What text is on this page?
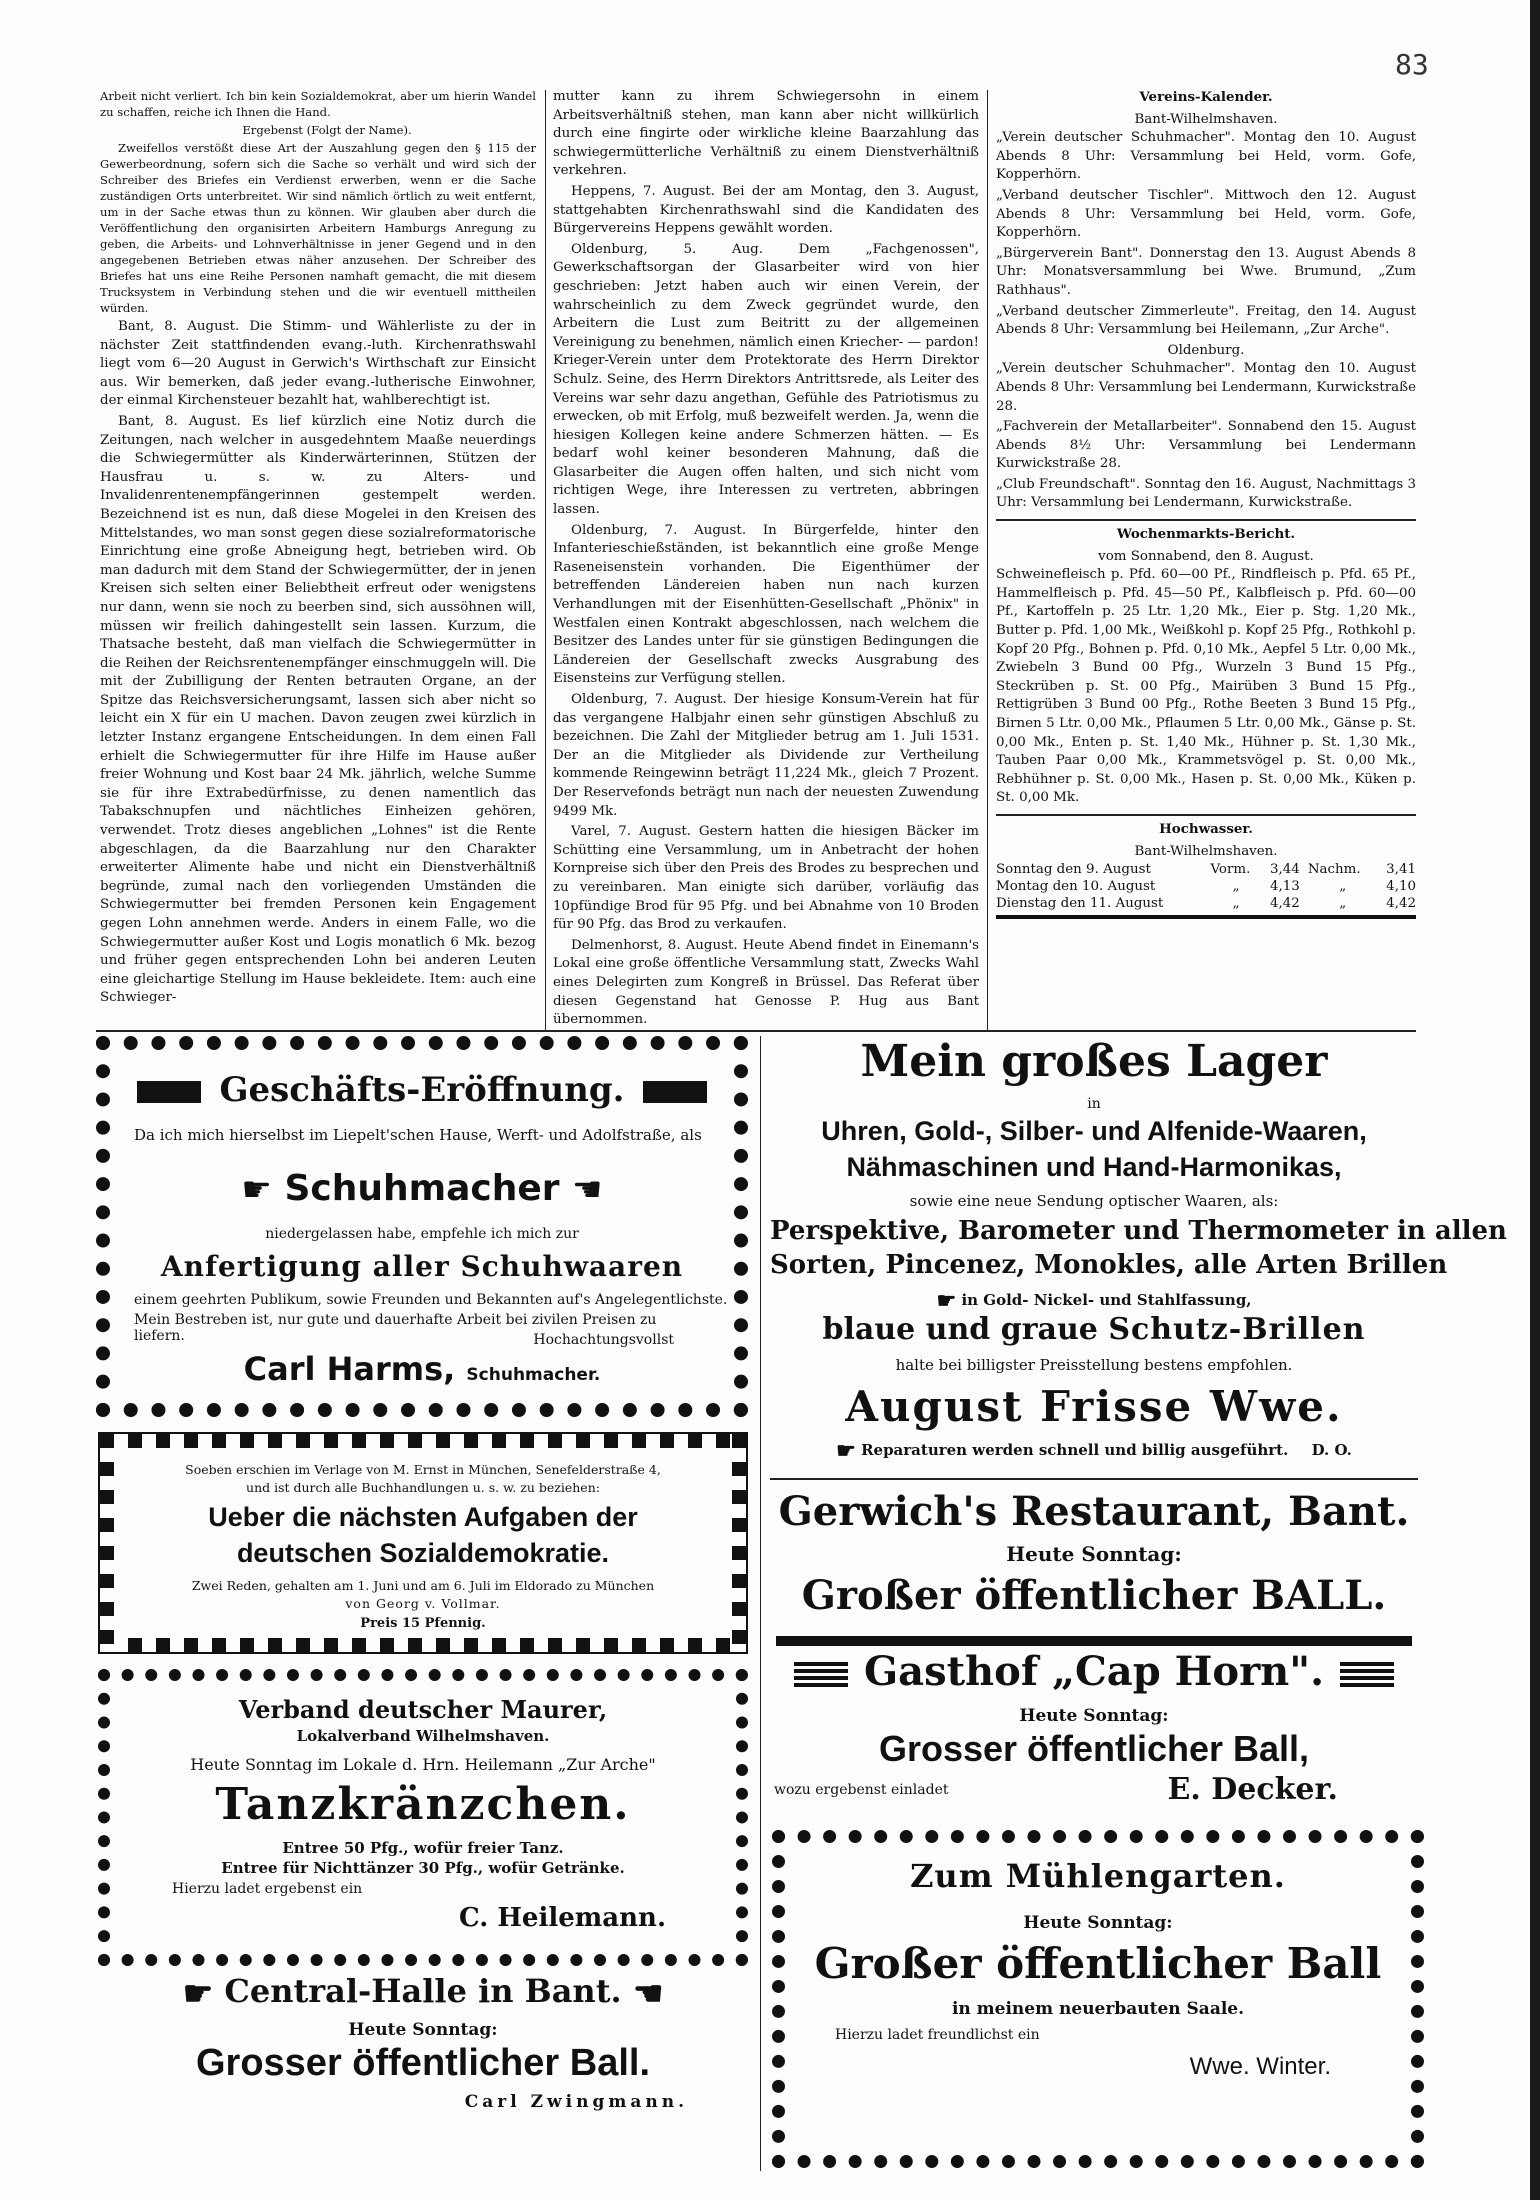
83

Arbeit nicht verliert. Ich bin kein Sozialdemokrat, aber um hierin Wandel zu schaffen, reiche ich Ihnen die Hand.

Ergebenst (Folgt der Name).

Zweifellos verstößt diese Art der Auszahlung gegen den § 115 der Gewerbeordnung, sofern sich die Sache so verhält und wird sich der Schreiber des Briefes ein Verdienst erwerben, wenn er die Sache zuständigen Orts unterbreitet. Wir sind nämlich örtlich zu weit entfernt, um in der Sache etwas thun zu können. Wir glauben aber durch die Veröffentlichung den organisirten Arbeitern Hamburgs Anregung zu geben, die Arbeits- und Lohnverhältnisse in jener Gegend und in den angegebenen Betrieben etwas näher anzusehen. Der Schreiber des Briefes hat uns eine Reihe Personen namhaft gemacht, die mit diesem Trucksystem in Verbindung stehen und die wir eventuell mittheilen würden.

Bant, 8. August. Die Stimm- und Wählerliste zu der in nächster Zeit stattfindenden evang.-luth. Kirchenrathswahl liegt vom 6—20 August in Gerwich's Wirthschaft zur Einsicht aus. Wir bemerken, daß jeder evang.-lutherische Einwohner, der einmal Kirchensteuer bezahlt hat, wahlberechtigt ist.

Bant, 8. August. Es lief kürzlich eine Notiz durch die Zeitungen, nach welcher in ausgedehntem Maaße neuerdings die Schwiegermütter als Kinderwärterinnen, Stützen der Hausfrau u. s. w. zu Alters- und Invalidenrentenempfängerinnen gestempelt werden. Bezeichnend ist es nun, daß diese Mogelei in den Kreisen des Mittelstandes, wo man sonst gegen diese sozialreformatorische Einrichtung eine große Abneigung hegt, betrieben wird. Ob man dadurch mit dem Stand der Schwiegermütter, der in jenen Kreisen sich selten einer Beliebtheit erfreut oder wenigstens nur dann, wenn sie noch zu beerben sind, sich aussöhnen will, müssen wir freilich dahingestellt sein lassen. Kurzum, die Thatsache besteht, daß man vielfach die Schwiegermütter in die Reihen der Reichsrentenempfänger einschmuggeln will. Die mit der Zubilligung der Renten betrauten Organe, an der Spitze das Reichsversicherungsamt, lassen sich aber nicht so leicht ein X für ein U machen. Davon zeugen zwei kürzlich in letzter Instanz ergangene Entscheidungen. In dem einen Fall erhielt die Schwiegermutter für ihre Hilfe im Hause außer freier Wohnung und Kost baar 24 Mk. jährlich, welche Summe sie für ihre Extrabedürfnisse, zu denen namentlich das Tabakschnupfen und nächtliches Einheizen gehören, verwendet. Trotz dieses angeblichen „Lohnes" ist die Rente abgeschlagen, da die Baarzahlung nur den Charakter erweiterter Alimente habe und nicht ein Dienstverhältniß begründe, zumal nach den vorliegenden Umständen die Schwiegermutter bei fremden Personen kein Engagement gegen Lohn annehmen werde. Anders in einem Falle, wo die Schwiegermutter außer Kost und Logis monatlich 6 Mk. bezog und früher gegen entsprechenden Lohn bei anderen Leuten eine gleichartige Stellung im Hause bekleidete. Item: auch eine Schwieger-

mutter kann zu ihrem Schwiegersohn in einem Arbeitsverhältniß stehen, man kann aber nicht willkürlich durch eine fingirte oder wirkliche kleine Baarzahlung das schwiegermütterliche Verhältniß zu einem Dienstverhältniß verkehren.

Heppens, 7. August. Bei der am Montag, den 3. August, stattgehabten Kirchenrathswahl sind die Kandidaten des Bürgervereins Heppens gewählt worden.

Oldenburg, 5. Aug. Dem „Fachgenossen", Gewerkschaftsorgan der Glasarbeiter wird von hier geschrieben: Jetzt haben auch wir einen Verein, der wahrscheinlich zu dem Zweck gegründet wurde, den Arbeitern die Lust zum Beitritt zu der allgemeinen Vereinigung zu benehmen, nämlich einen Kriecher- — pardon! Krieger-Verein unter dem Protektorate des Herrn Direktor Schulz. Seine, des Herrn Direktors Antrittsrede, als Leiter des Vereins war sehr dazu angethan, Gefühle des Patriotismus zu erwecken, ob mit Erfolg, muß bezweifelt werden. Ja, wenn die hiesigen Kollegen keine andere Schmerzen hätten. — Es bedarf wohl keiner besonderen Mahnung, daß die Glasarbeiter die Augen offen halten, und sich nicht vom richtigen Wege, ihre Interessen zu vertreten, abbringen lassen.

Oldenburg, 7. August. In Bürgerfelde, hinter den Infanterieschießständen, ist bekanntlich eine große Menge Raseneisenstein vorhanden. Die Eigenthümer der betreffenden Ländereien haben nun nach kurzen Verhandlungen mit der Eisenhütten-Gesellschaft „Phönix" in Westfalen einen Kontrakt abgeschlossen, nach welchem die Besitzer des Landes unter für sie günstigen Bedingungen die Ländereien der Gesellschaft zwecks Ausgrabung des Eisensteins zur Verfügung stellen.

Oldenburg, 7. August. Der hiesige Konsum-Verein hat für das vergangene Halbjahr einen sehr günstigen Abschluß zu bezeichnen. Die Zahl der Mitglieder betrug am 1. Juli 1531. Der an die Mitglieder als Dividende zur Vertheilung kommende Reingewinn beträgt 11,224 Mk., gleich 7 Prozent. Der Reservefonds beträgt nun nach der neuesten Zuwendung 9499 Mk.

Varel, 7. August. Gestern hatten die hiesigen Bäcker im Schütting eine Versammlung, um in Anbetracht der hohen Kornpreise sich über den Preis des Brodes zu besprechen und zu vereinbaren. Man einigte sich darüber, vorläufig das 10pfündige Brod für 95 Pfg. und bei Abnahme von 10 Broden für 90 Pfg. das Brod zu verkaufen.

Delmenhorst, 8. August. Heute Abend findet in Einemann's Lokal eine große öffentliche Versammlung statt, Zwecks Wahl eines Delegirten zum Kongreß in Brüssel. Das Referat über diesen Gegenstand hat Genosse P. Hug aus Bant übernommen.

Vereins-Kalender.
Bant-Wilhelmshaven.

„Verein deutscher Schuhmacher". Montag den 10. August Abends 8 Uhr: Versammlung bei Held, vorm. Gofe, Kopperhörn.

„Verband deutscher Tischler". Mittwoch den 12. August Abends 8 Uhr: Versammlung bei Held, vorm. Gofe, Kopperhörn.

„Bürgerverein Bant". Donnerstag den 13. August Abends 8 Uhr: Monatsversammlung bei Wwe. Brumund, „Zum Rathhaus".

„Verband deutscher Zimmerleute". Freitag, den 14. August Abends 8 Uhr: Versammlung bei Heilemann, „Zur Arche".

Oldenburg.

„Verein deutscher Schuhmacher". Montag den 10. August Abends 8 Uhr: Versammlung bei Lendermann, Kurwickstraße 28.

„Fachverein der Metallarbeiter". Sonnabend den 15. August Abends 8½ Uhr: Versammlung bei Lendermann Kurwickstraße 28.

„Club Freundschaft". Sonntag den 16. August, Nachmittags 3 Uhr: Versammlung bei Lendermann, Kurwickstraße.

Wochenmarkts-Bericht.
vom Sonnabend, den 8. August.

Schweinefleisch p. Pfd. 60—00 Pf., Rindfleisch p. Pfd. 65 Pf., Hammelfleisch p. Pfd. 45—50 Pf., Kalbfleisch p. Pfd. 60—00 Pf., Kartoffeln p. 25 Ltr. 1,20 Mk., Eier p. Stg. 1,20 Mk., Butter p. Pfd. 1,00 Mk., Weißkohl p. Kopf 25 Pfg., Rothkohl p. Kopf 20 Pfg., Bohnen p. Pfd. 0,10 Mk., Aepfel 5 Ltr. 0,00 Mk., Zwiebeln 3 Bund 00 Pfg., Wurzeln 3 Bund 15 Pfg., Steckrüben p. St. 00 Pfg., Mairüben 3 Bund 15 Pfg., Rettigrüben 3 Bund 00 Pfg., Rothe Beeten 3 Bund 15 Pfg., Birnen 5 Ltr. 0,00 Mk., Pflaumen 5 Ltr. 0,00 Mk., Gänse p. St. 0,00 Mk., Enten p. St. 1,40 Mk., Hühner p. St. 1,30 Mk., Tauben Paar 0,00 Mk., Krammetsvögel p. St. 0,00 Mk., Rebhühner p. St. 0,00 Mk., Hasen p. St. 0,00 Mk., Küken p. St. 0,00 Mk.

Hochwasser.
Bant-Wilhelmshaven.
Sonntag den 9. August	Vorm.	3,44	Nachm.	3,41
Montag den 10. August	„	4,13	„	4,10
Dienstag den 11. August	„	4,42	„	4,42
Geschäfts-Eröffnung.
Da ich mich hierselbst im Liepelt'schen Hause, Werft- und Adolfstraße, als
☛ Schuhmacher ☛
niedergelassen habe, empfehle ich mich zur
Anfertigung aller Schuhwaaren
einem geehrten Publikum, sowie Freunden und Bekannten auf's Angelegentlichste.
Mein Bestreben ist, nur gute und dauerhafte Arbeit bei zivilen Preisen zu liefern.	Hochachtungsvollst
Carl Harms, Schuhmacher.
Soeben erschien im Verlage von M. Ernst in München, Senefelderstraße 4,
und ist durch alle Buchhandlungen u. s. w. zu beziehen:
Ueber die nächsten Aufgaben der
deutschen Sozialdemokratie.
Zwei Reden, gehalten am 1. Juni und am 6. Juli im Eldorado zu München
von Georg v. Vollmar.
Preis 15 Pfennig.
Verband deutscher Maurer,
Lokalverband Wilhelmshaven.
Heute Sonntag im Lokale d. Hrn. Heilemann „Zur Arche"
Tanzkränzchen.
Entree 50 Pfg., wofür freier Tanz.
Entree für Nichttänzer 30 Pfg., wofür Getränke.
Hierzu ladet ergebenst ein
C. Heilemann.
☛ Central-Halle in Bant. ☛
Heute Sonntag:
Grosser öffentlicher Ball.
Carl Zwingmann.
Mein großes Lager
in
Uhren, Gold-, Silber- und Alfenide-Waaren,
Nähmaschinen und Hand-Harmonikas,
sowie eine neue Sendung optischer Waaren, als:
Perspektive, Barometer und Thermometer in allen
Sorten, Pincenez, Monokles, alle Arten Brillen
☛ in Gold- Nickel- und Stahlfassung,
blaue und graue Schutz-Brillen
halte bei billigster Preisstellung bestens empfohlen.
August Frisse Wwe.
☛ Reparaturen werden schnell und billig ausgeführt. D. O.
Gerwich's Restaurant, Bant.
Heute Sonntag:
Großer öffentlicher BALL.
Gasthof „Cap Horn".
Heute Sonntag:
Grosser öffentlicher Ball,
wozu ergebenst einladet	E. Decker.
Zum Mühlengarten.
Heute Sonntag:
Großer öffentlicher Ball
in meinem neuerbauten Saale.
Hierzu ladet freundlichst ein
Wwe. Winter.
